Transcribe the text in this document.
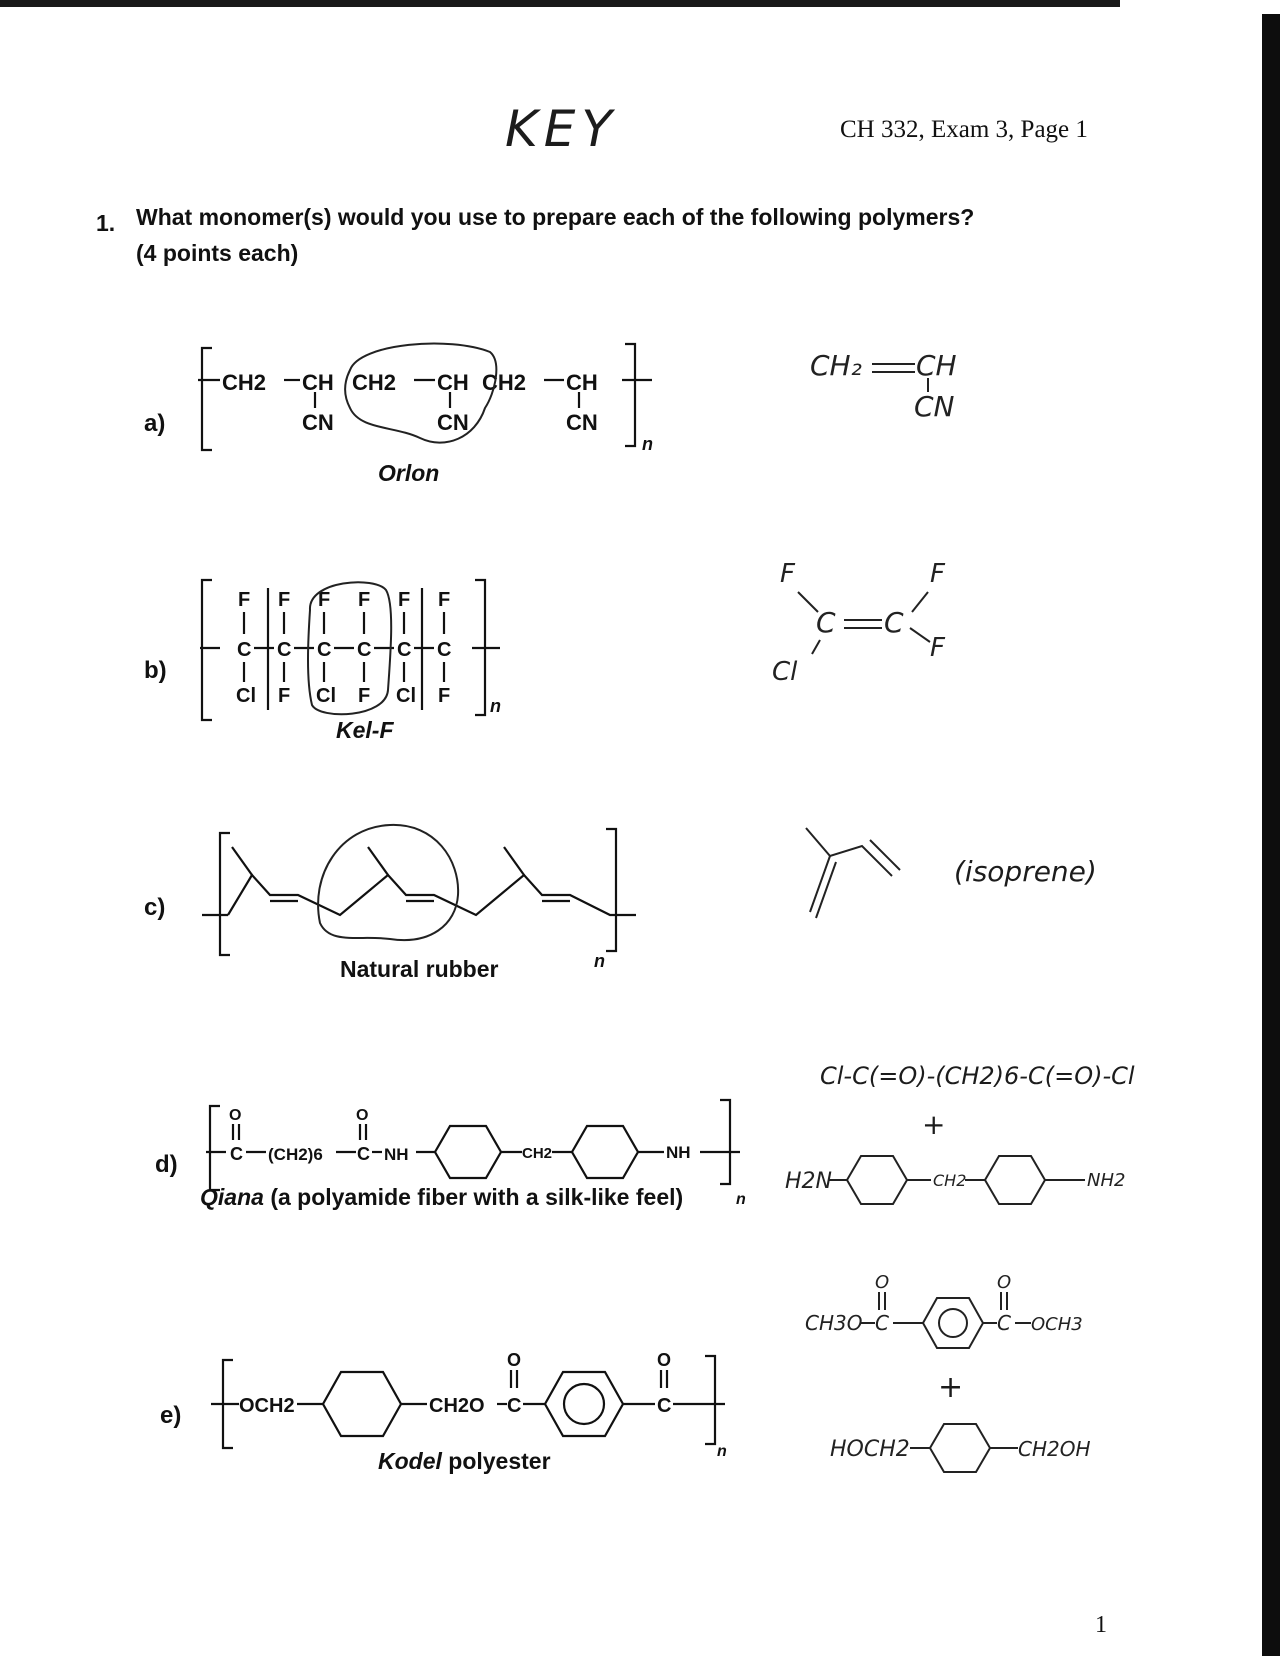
KEY	CH 332, Exam 3, Page 1
1. What monomer(s) would you use to prepare each of the following polymers?
(4 points each)
a)
CH2 CH
CN
CH2 CH
CN
CH2 CH
CN
n
Orlon
CH₂ CH
CN
b)
F
C
Cl
F
C
F
F
C
Cl
F
C
F
F
C
Cl
F
C
F n
Kel-F
F	F
C C
F
Cl
c)
n
Natural rubber
(isoprene)
d)	C
O
(CH2)6 C
O
NH	CH2	NH
n
Qiana (a polyamide fiber with a silk-like feel)
Cl-C(=O)-(CH2)6-C(=O)-Cl
+
H2N	CH2	NH2
e)	OCH2	CH2O C
O
C
O
n
Kodel polyester
CH3O C
O
C
O
OCH3
+
HOCH2	CH2OH
1
